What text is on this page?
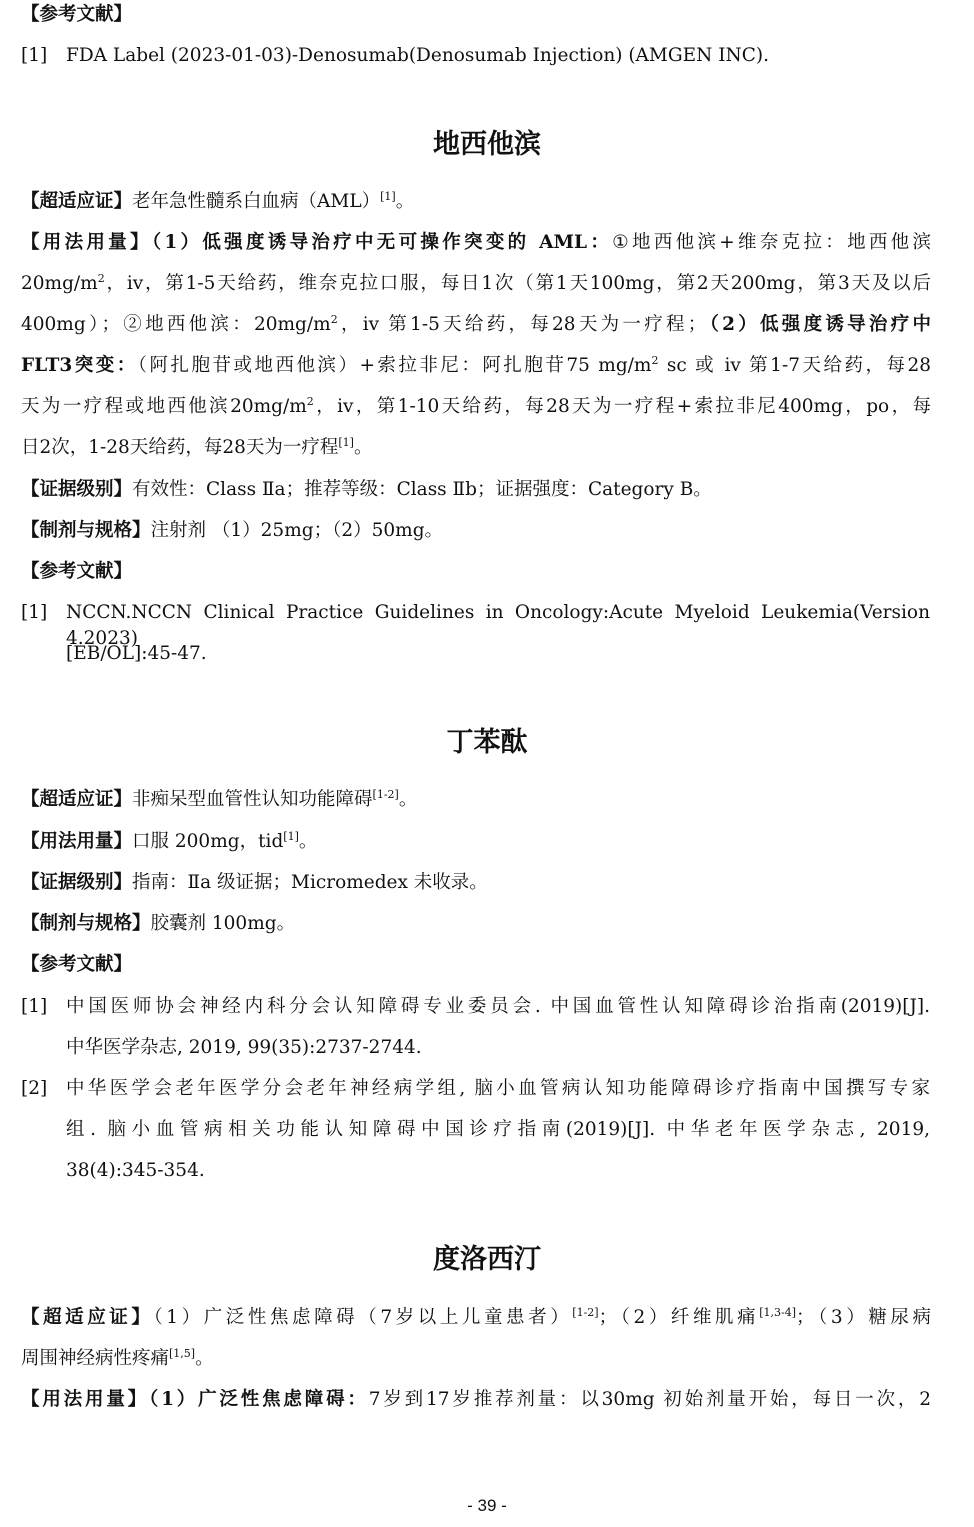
【参考文献】
[1] FDA Label (2023-01-03)-Denosumab(Denosumab Injection) (AMGEN INC).
地西他滨
【超适应证】老年急性髓系白血病（AML）[1]。
【用法用量】（1）低强度诱导治疗中无可操作突变的 AML：①地西他滨+维奈克拉：地西他滨
$20mg/m^2$，iv，第1-5天给药，维奈克拉口服，每日1次（第1天100mg，第2天200mg，第3天及以后
400mg）；②地西他滨：$20mg/m^2$，iv 第1-5天给药，每28天为一疗程；（2）低强度诱导治疗中
FLT3突变：（阿扎胞苷或地西他滨）+索拉非尼：阿扎胞苷75 $mg/m^2$ sc 或 iv 第1-7天给药，每28
天为一疗程或地西他滨$20mg/m^2$，iv，第1-10天给药，每28天为一疗程+索拉非尼400mg，po，每
日2次，1-28天给药，每28天为一疗程[1]。
【证据级别】有效性：Class Ⅱa；推荐等级：Class Ⅱb；证据强度：Category B。
【制剂与规格】注射剂 （1）25mg；（2）50mg。
【参考文献】
[1] NCCN.NCCN Clinical Practice Guidelines in Oncology:Acute Myeloid Leukemia(Version 4.2023)
[EB/OL]:45-47.
丁苯酞
【超适应证】非痴呆型血管性认知功能障碍[1-2]。
【用法用量】口服 200mg，tid[1]。
【证据级别】指南：Ⅱa 级证据；Micromedex 未收录。
【制剂与规格】胶囊剂 100mg。
【参考文献】
[1] 中国医师协会神经内科分会认知障碍专业委员会. 中国血管性认知障碍诊治指南(2019)[J].
中华医学杂志, 2019, 99(35):2737-2744.
[2] 中华医学会老年医学分会老年神经病学组, 脑小血管病认知功能障碍诊疗指南中国撰写专家
组. 脑小血管病相关功能认知障碍中国诊疗指南(2019)[J]. 中华老年医学杂志, 2019,
38(4):345-354.
度洛西汀
【超适应证】（1）广泛性焦虑障碍（7岁以上儿童患者）[1-2]；（2）纤维肌痛[1,3-4]；（3）糖尿病
周围神经病性疼痛[1,5]。
【用法用量】（1）广泛性焦虑障碍：7岁到17岁推荐剂量：以30mg 初始剂量开始，每日一次，2
- 39 -
